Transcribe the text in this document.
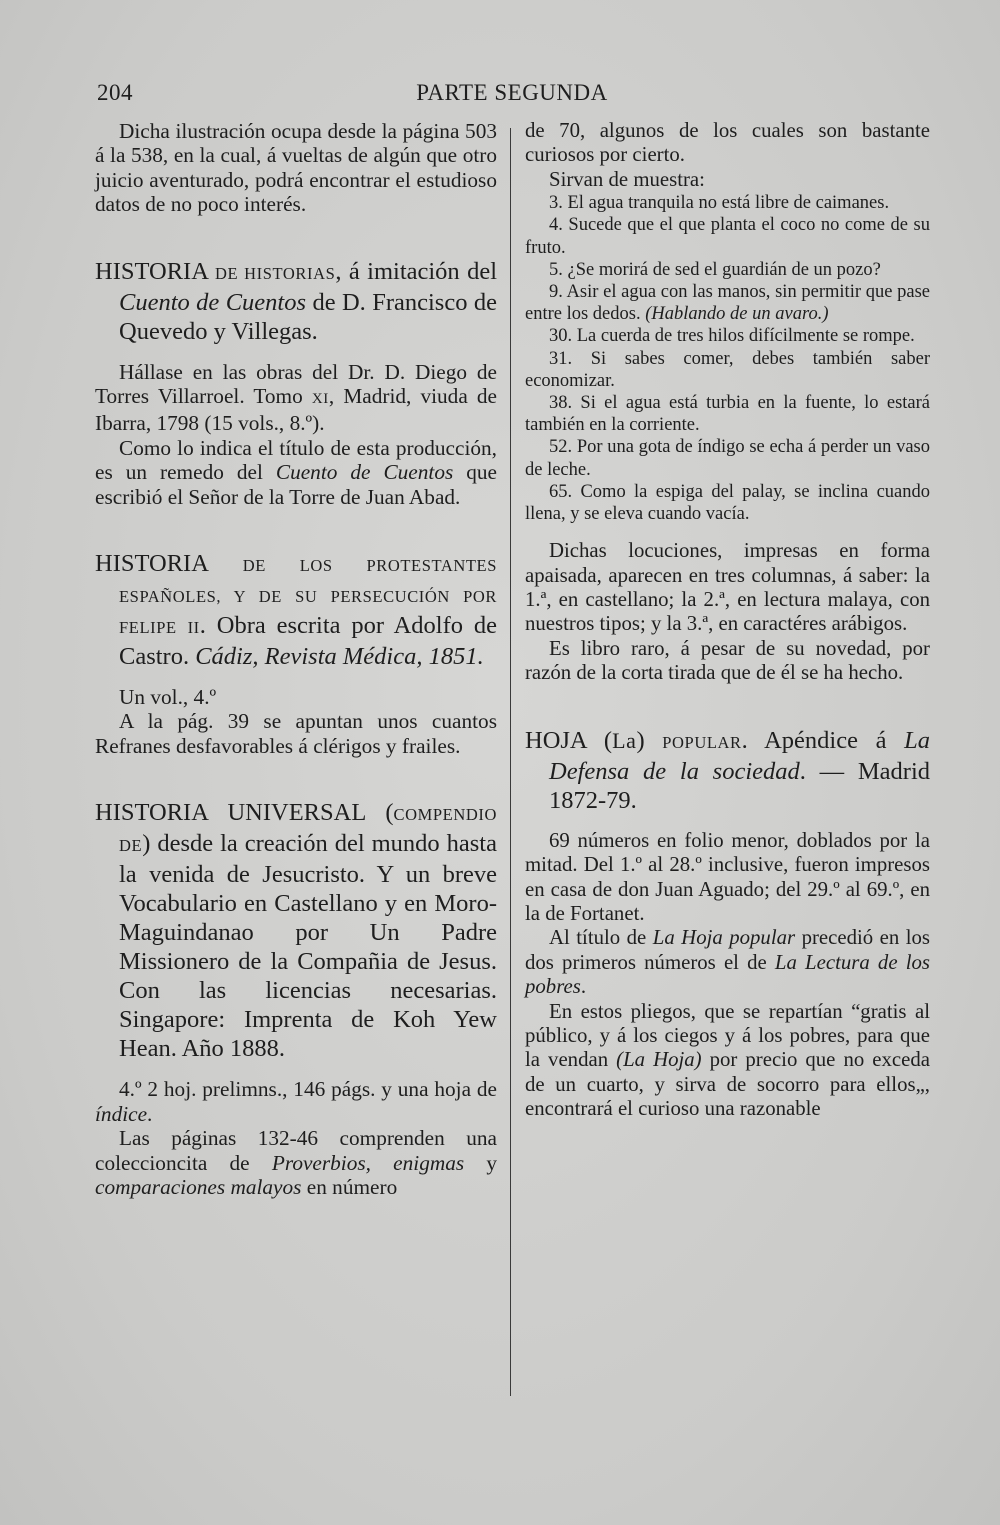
204	PARTE SEGUNDA

Dicha ilustración ocupa desde la página 503 á la 538, en la cual, á vueltas de algún que otro juicio aventurado, podrá encontrar el estudioso datos de no poco interés.

HISTORIA DE HISTORIAS, á imitación del Cuento de Cuentos de D. Francisco de Quevedo y Villegas.

Hállase en las obras del Dr. D. Diego de Torres Villarroel. Tomo XI, Madrid, viuda de Ibarra, 1798 (15 vols., 8.º).

Como lo indica el título de esta producción, es un remedo del Cuento de Cuentos que escribió el Señor de la Torre de Juan Abad.

HISTORIA DE LOS PROTESTANTES ESPAÑOLES, Y DE SU PERSECUCIÓN POR FELIPE II. Obra escrita por Adolfo de Castro. Cádiz, Revista Médica, 1851.

Un vol., 4.º

A la pág. 39 se apuntan unos cuantos Refranes desfavorables á clérigos y frailes.

HISTORIA UNIVERSAL (COMPENDIO DE) desde la creación del mundo hasta la venida de Jesucristo. Y un breve Vocabulario en Castellano y en Moro-Maguindanao por Un Padre Missionero de la Compañia de Jesus. Con las licencias necesarias. Singapore: Imprenta de Koh Yew Hean. Año 1888.

4.º 2 hoj. prelimns., 146 págs. y una hoja de índice.

Las páginas 132-46 comprenden una coleccioncita de Proverbios, enigmas y comparaciones malayos en número

de 70, algunos de los cuales son bastante curiosos por cierto.

Sirvan de muestra:

3. El agua tranquila no está libre de caimanes.

4. Sucede que el que planta el coco no come de su fruto.

5. ¿Se morirá de sed el guardián de un pozo?

9. Asir el agua con las manos, sin permitir que pase entre los dedos. (Hablando de un avaro.)

30. La cuerda de tres hilos difícilmente se rompe.

31. Si sabes comer, debes también saber economizar.

38. Si el agua está turbia en la fuente, lo estará también en la corriente.

52. Por una gota de índigo se echa á perder un vaso de leche.

65. Como la espiga del palay, se inclina cuando llena, y se eleva cuando vacía.

Dichas locuciones, impresas en forma apaisada, aparecen en tres columnas, á saber: la 1.ª, en castellano; la 2.ª, en lectura malaya, con nuestros tipos; y la 3.ª, en caractéres arábigos.

Es libro raro, á pesar de su novedad, por razón de la corta tirada que de él se ha hecho.

HOJA (La) POPULAR. Apéndice á La Defensa de la sociedad. — Madrid 1872-79.

69 números en folio menor, doblados por la mitad. Del 1.º al 28.º inclusive, fueron impresos en casa de don Juan Aguado; del 29.º al 69.º, en la de Fortanet.

Al título de La Hoja popular precedió en los dos primeros números el de La Lectura de los pobres.

En estos pliegos, que se repartían “gratis al público, y á los ciegos y á los pobres, para que la vendan (La Hoja) por precio que no exceda de un cuarto, y sirva de socorro para ellos„, encontrará el curioso una razonable
